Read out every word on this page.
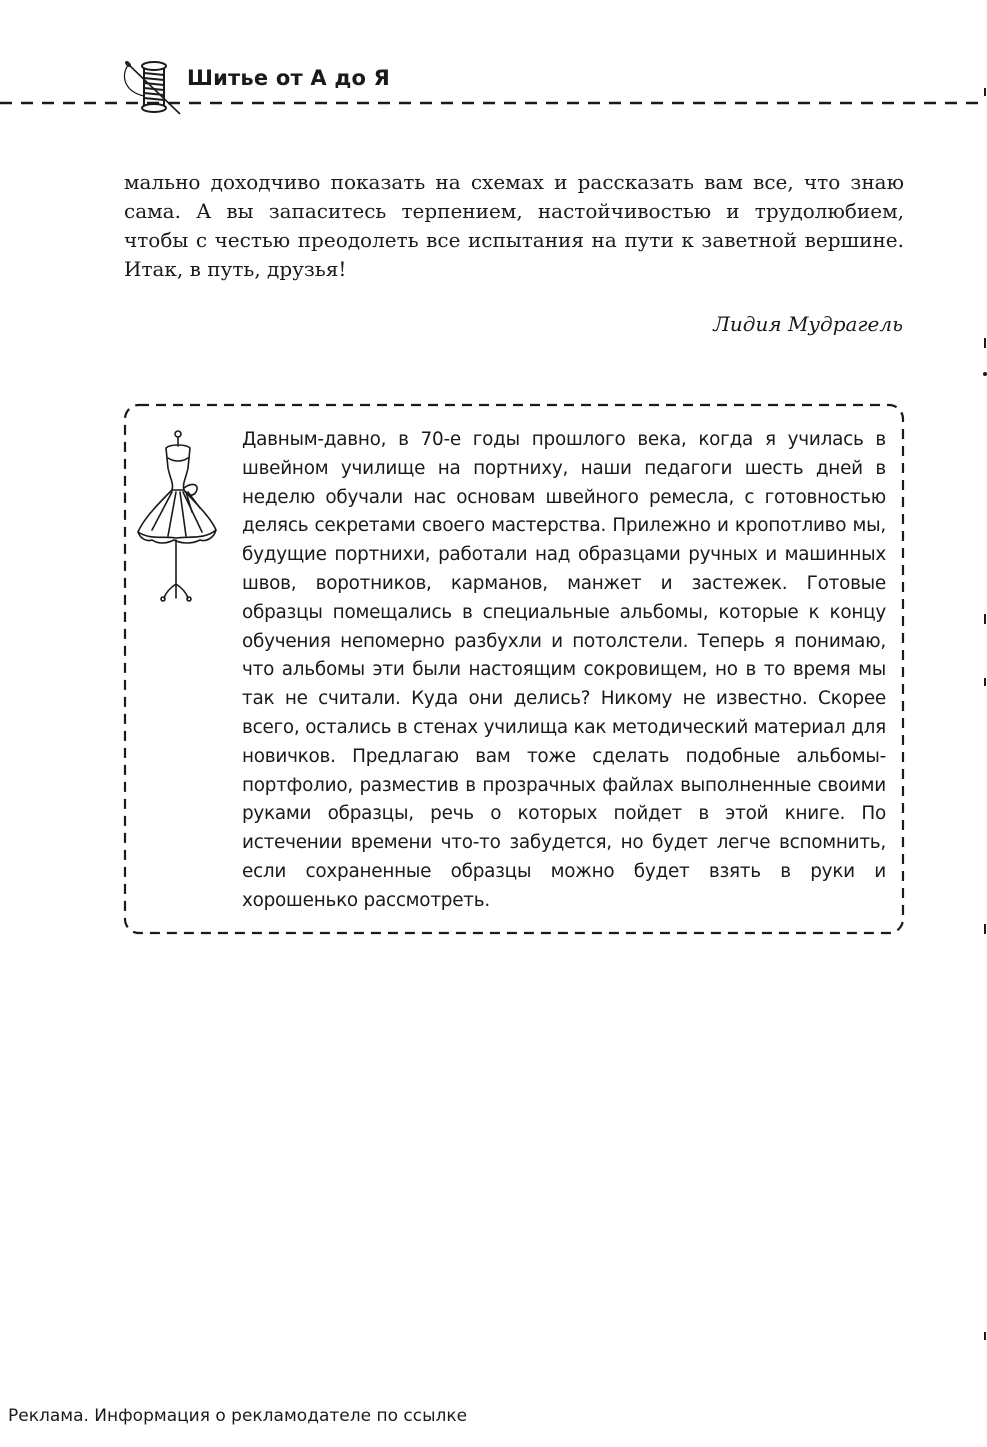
Шитье от А до Я
мально доходчиво показать на схемах и рассказать вам все, что знаю сама. А вы запаситесь терпением, настойчивостью и трудолюбием, чтобы с честью преодолеть все испытания на пути к заветной вершине. Итак, в путь, друзья!
Лидия Мудрагель
Давным-давно, в 70-е годы прошлого века, когда я училась в швейном училище на портниху, наши педагоги шесть дней в неделю обучали нас основам швейного ремесла, с готовностью делясь секретами своего мастерства. Прилежно и кропотливо мы, будущие портнихи, работали над образцами ручных и машинных швов, воротников, карманов, манжет и застежек. Готовые образцы помещались в специальные альбомы, которые к концу обучения непомерно разбухли и потолстели. Теперь я понимаю, что альбомы эти были настоящим сокровищем, но в то время мы так не считали. Куда они делись? Никому не известно. Скорее всего, остались в стенах училища как методический материал для новичков. Предлагаю вам тоже сделать подобные альбомы-портфолио, разместив в прозрачных файлах выполненные своими руками образцы, речь о которых пойдет в этой книге. По истечении времени что-то забудется, но будет легче вспомнить, если сохраненные образцы можно будет взять в руки и хорошенько рассмотреть.
Реклама. Информация о рекламодателе по ссылке
